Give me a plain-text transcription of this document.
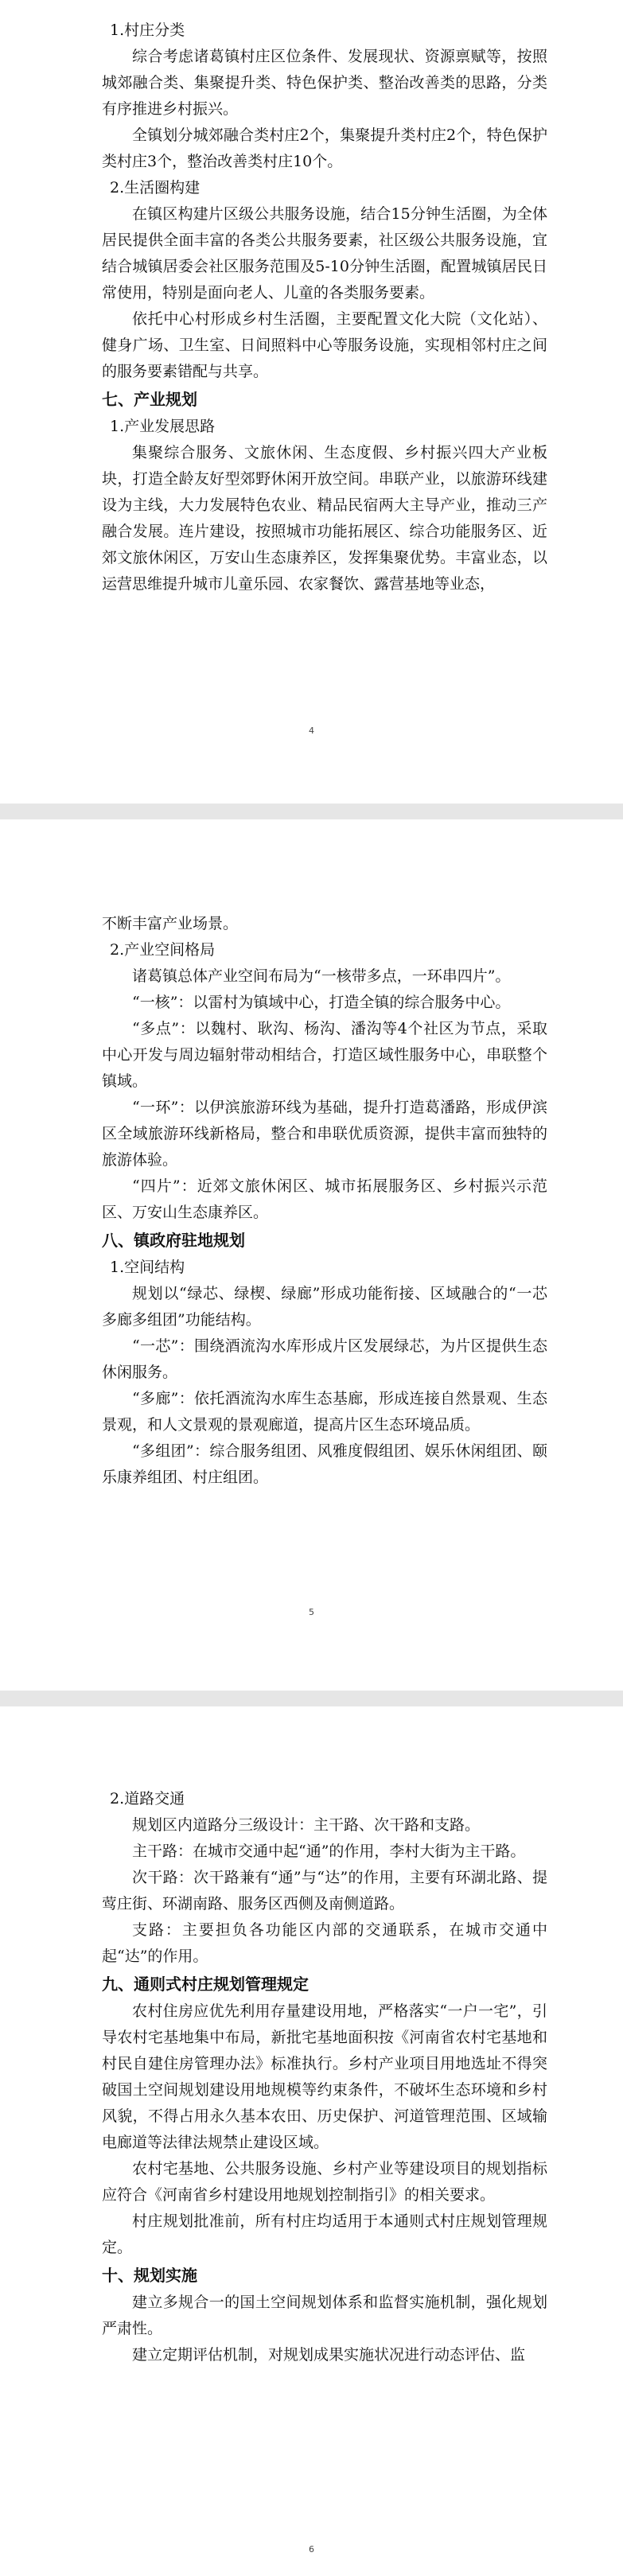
1.村庄分类

综合考虑诸葛镇村庄区位条件、发展现状、资源禀赋等，按照城郊融合类、集聚提升类、特色保护类、整治改善类的思路，分类有序推进乡村振兴。

全镇划分城郊融合类村庄2个，集聚提升类村庄2个，特色保护类村庄3个，整治改善类村庄10个。

2.生活圈构建

在镇区构建片区级公共服务设施，结合15分钟生活圈，为全体居民提供全面丰富的各类公共服务要素，社区级公共服务设施，宜结合城镇居委会社区服务范围及5-10分钟生活圈，配置城镇居民日常使用，特别是面向老人、儿童的各类服务要素。

依托中心村形成乡村生活圈，主要配置文化大院（文化站）、健身广场、卫生室、日间照料中心等服务设施，实现相邻村庄之间的服务要素错配与共享。

七、产业规划

1.产业发展思路

集聚综合服务、文旅休闲、生态度假、乡村振兴四大产业板块，打造全龄友好型郊野休闲开放空间。串联产业，以旅游环线建设为主线，大力发展特色农业、精品民宿两大主导产业，推动三产融合发展。连片建设，按照城市功能拓展区、综合功能服务区、近郊文旅休闲区，万安山生态康养区，发挥集聚优势。丰富业态，以运营思维提升城市儿童乐园、农家餐饮、露营基地等业态，

4

不断丰富产业场景。

2.产业空间格局

诸葛镇总体产业空间布局为“一核带多点，一环串四片”。

“一核”：以雷村为镇域中心，打造全镇的综合服务中心。

“多点”：以魏村、耿沟、杨沟、潘沟等4个社区为节点，采取中心开发与周边辐射带动相结合，打造区域性服务中心，串联整个镇域。

“一环”：以伊滨旅游环线为基础，提升打造葛潘路，形成伊滨区全域旅游环线新格局，整合和串联优质资源，提供丰富而独特的旅游体验。

“四片”：近郊文旅休闲区、城市拓展服务区、乡村振兴示范区、万安山生态康养区。

八、镇政府驻地规划

1.空间结构

规划以“绿芯、绿楔、绿廊”形成功能衔接、区域融合的“一芯多廊多组团”功能结构。

“一芯”：围绕酒流沟水库形成片区发展绿芯，为片区提供生态休闲服务。

“多廊”：依托酒流沟水库生态基廊，形成连接自然景观、生态景观，和人文景观的景观廊道，提高片区生态环境品质。

“多组团”：综合服务组团、风雅度假组团、娱乐休闲组团、颐乐康养组团、村庄组团。

5

2.道路交通

规划区内道路分三级设计：主干路、次干路和支路。

主干路：在城市交通中起“通”的作用，李村大街为主干路。

次干路：次干路兼有“通”与“达”的作用，主要有环湖北路、提莺庄街、环湖南路、服务区西侧及南侧道路。

支路：主要担负各功能区内部的交通联系，在城市交通中起“达”的作用。

九、通则式村庄规划管理规定

农村住房应优先利用存量建设用地，严格落实“一户一宅”，引导农村宅基地集中布局，新批宅基地面积按《河南省农村宅基地和村民自建住房管理办法》标准执行。乡村产业项目用地选址不得突破国土空间规划建设用地规模等约束条件，不破坏生态环境和乡村风貌，不得占用永久基本农田、历史保护、河道管理范围、区域输电廊道等法律法规禁止建设区域。

农村宅基地、公共服务设施、乡村产业等建设项目的规划指标应符合《河南省乡村建设用地规划控制指引》的相关要求。

村庄规划批准前，所有村庄均适用于本通则式村庄规划管理规定。

十、规划实施

建立多规合一的国土空间规划体系和监督实施机制，强化规划严肃性。

建立定期评估机制，对规划成果实施状况进行动态评估、监

6
